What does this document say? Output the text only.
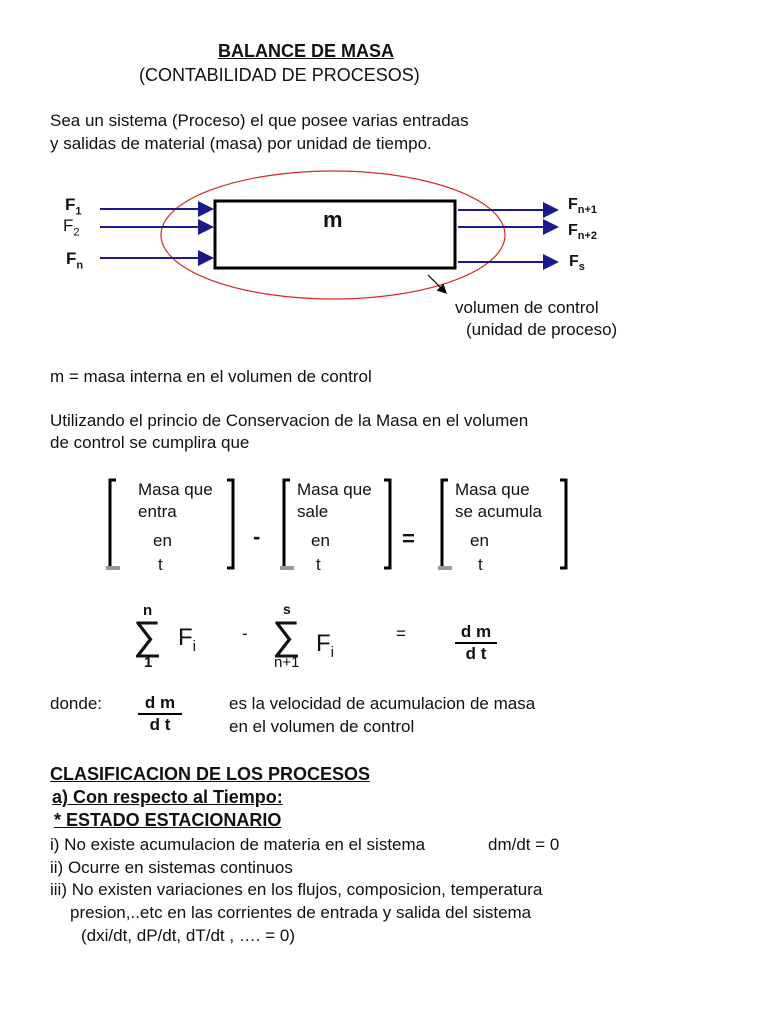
BALANCE DE MASA
(CONTABILIDAD DE PROCESOS)
Sea un sistema (Proceso) el que posee varias entradas
y salidas de material (masa) por unidad de tiempo.
m
$F_1$
$F_2$
$F_n$
$F_{n+1}$
$F_{n+2}$
$F_s$
volumen de control
(unidad de proceso)
m = masa interna en el volumen de control
Utilizando el princio de Conservacion de la Masa en el volumen
de control se cumplira que
Masa que
entra
en
t
-
Masa que
sale
en
t
=
Masa que
se acumula
en
t
n
∑
1
$F_i$
-
s
∑
n+1
$F_i$
=	$\frac{\text{d m}}{\text{d t}}$
donde: $\frac{\text{d m}}{\text{d t}}$	es la velocidad de acumulacion de masa
en el volumen de control
CLASIFICACION DE LOS PROCESOS
a) Con respecto al Tiempo:
* ESTADO ESTACIONARIO
i) No existe acumulacion de materia en el sistema	dm/dt = 0
ii) Ocurre en sistemas continuos
iii) No existen variaciones en los flujos, composicion, temperatura
presion,..etc en las corrientes de entrada y salida del sistema
(dxi/dt, dP/dt, dT/dt , …. = 0)
